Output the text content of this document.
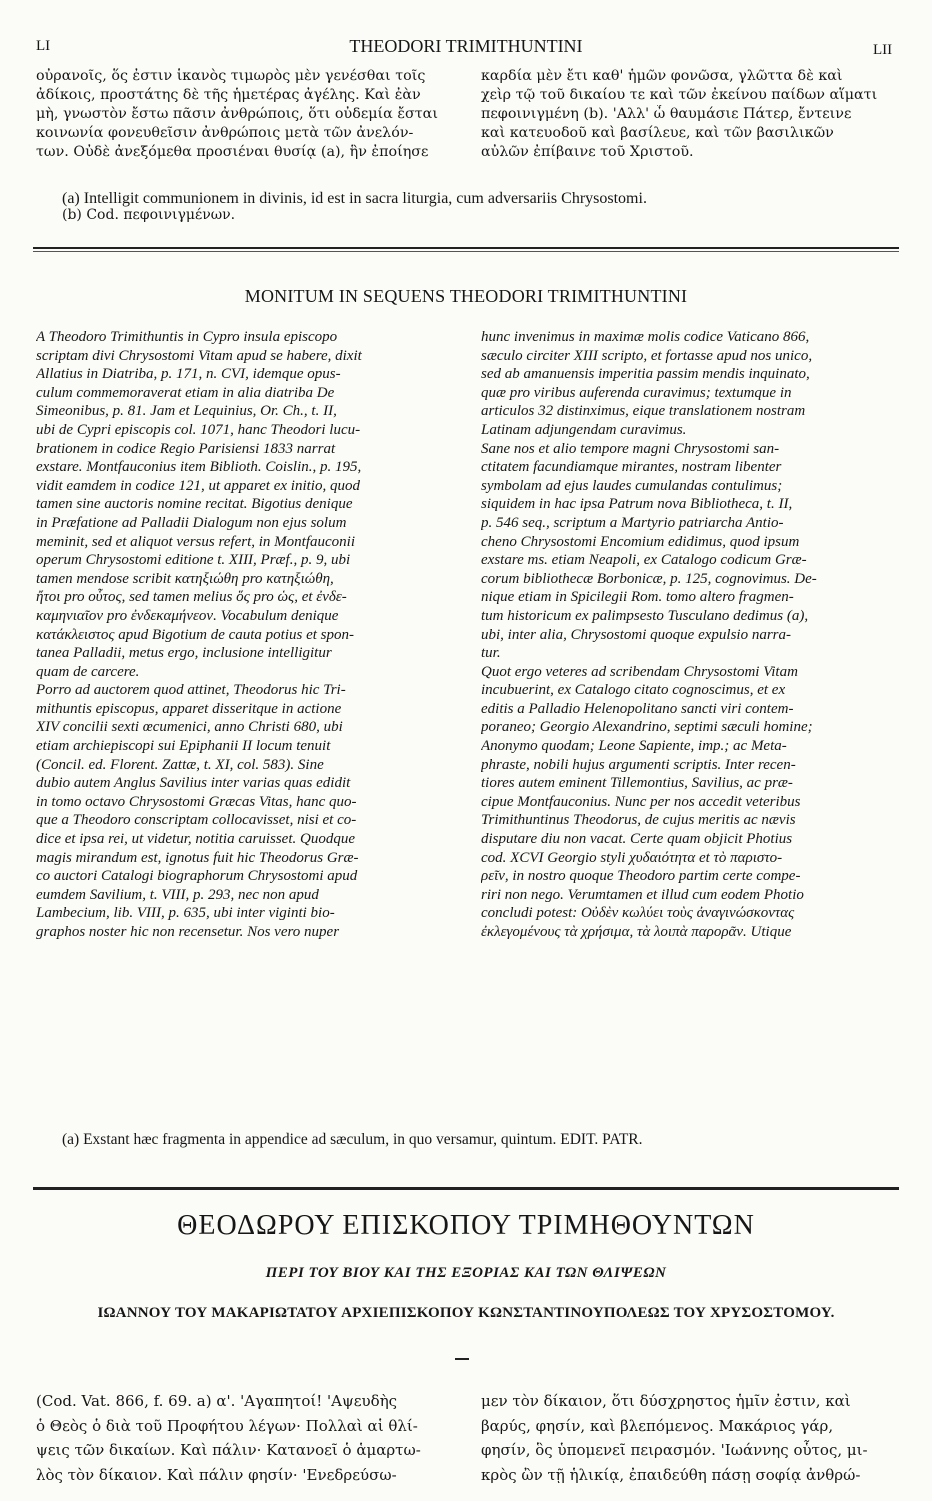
LI	THEODORI TRIMITHUNTINI	LII
οὐρανοῖς, ὅς ἐστιν ἱκανὸς τιμωρὸς μὲν γενέσθαι τοῖς
ἀδίκοις, προστάτης δὲ τῆς ἡμετέρας ἀγέλης. Καὶ ἐὰν
μὴ, γνωστὸν ἔστω πᾶσιν ἀνθρώποις, ὅτι οὐδεμία ἔσται
κοινωνία φονευθεῖσιν ἀνθρώποις μετὰ τῶν ἀνελόν-
των. Οὐδὲ ἀνεξόμεθα προσιέναι θυσίᾳ (a), ἣν ἐποίησε
καρδία μὲν ἔτι καθ' ἡμῶν φονῶσα, γλῶττα δὲ καὶ
χεὶρ τῷ τοῦ δικαίου τε καὶ τῶν ἐκείνου παίδων αἵματι
πεφοινιγμένη (b). 'Αλλ' ὦ θαυμάσιε Πάτερ, ἔντεινε
καὶ κατευοδοῦ καὶ βασίλευε, καὶ τῶν βασιλικῶν
αὐλῶν ἐπίβαινε τοῦ Χριστοῦ.
(a) Intelligit communionem in divinis, id est in sacra liturgia, cum adversariis Chrysostomi.
(b) Cod. πεφοινιγμένων.
MONITUM IN SEQUENS THEODORI TRIMITHUNTINI
A Theodoro Trimithuntis in Cypro insula episcopo
scriptam divi Chrysostomi Vitam apud se habere, dixit
Allatius in Diatriba, p. 171, n. CVI, idemque opus-
culum commemoraverat etiam in alia diatriba De
Simeonibus, p. 81. Jam et Lequinius, Or. Ch., t. II,
ubi de Cypri episcopis col. 1071, hanc Theodori lucu-
brationem in codice Regio Parisiensi 1833 narrat
exstare. Montfauconius item Biblioth. Coislin., p. 195,
vidit eamdem in codice 121, ut apparet ex initio, quod
tamen sine auctoris nomine recitat. Bigotius denique
in Præfatione ad Palladii Dialogum non ejus solum
meminit, sed et aliquot versus refert, in Montfauconii
operum Chrysostomi editione t. XIII, Præf., p. 9, ubi
tamen mendose scribit κατηξιώθη pro κατηξιώθη,
ἤτοι pro οὗτος, sed tamen melius ὅς pro ὡς, et ἐνδε-
καμηνιαῖον pro ἐνδεκαμήνεον. Vocabulum denique
κατάκλειστος apud Bigotium de cauta potius et spon-
tanea Palladii, metus ergo, inclusione intelligitur
quam de carcere.
Porro ad auctorem quod attinet, Theodorus hic Tri-
mithuntis episcopus, apparet disseritque in actione
XIV concilii sexti œcumenici, anno Christi 680, ubi
etiam archiepiscopi sui Epiphanii II locum tenuit
(Concil. ed. Florent. Zattæ, t. XI, col. 583). Sine
dubio autem Anglus Savilius inter varias quas edidit
in tomo octavo Chrysostomi Græcas Vitas, hanc quo-
que a Theodoro conscriptam collocavisset, nisi et co-
dice et ipsa rei, ut videtur, notitia caruisset. Quodque
magis mirandum est, ignotus fuit hic Theodorus Græ-
co auctori Catalogi biographorum Chrysostomi apud
eumdem Savilium, t. VIII, p. 293, nec non apud
Lambecium, lib. VIII, p. 635, ubi inter viginti bio-
graphos noster hic non recensetur. Nos vero nuper
hunc invenimus in maximæ molis codice Vaticano 866,
sæculo circiter XIII scripto, et fortasse apud nos unico,
sed ab amanuensis imperitia passim mendis inquinato,
quæ pro viribus auferenda curavimus; textumque in
articulos 32 distinximus, eique translationem nostram
Latinam adjungendam curavimus.
Sane nos et alio tempore magni Chrysostomi san-
ctitatem facundiamque mirantes, nostram libenter
symbolam ad ejus laudes cumulandas contulimus;
siquidem in hac ipsa Patrum nova Bibliotheca, t. II,
p. 546 seq., scriptum a Martyrio patriarcha Antio-
cheno Chrysostomi Encomium edidimus, quod ipsum
exstare ms. etiam Neapoli, ex Catalogo codicum Græ-
corum bibliothecæ Borbonicæ, p. 125, cognovimus. De-
nique etiam in Spicilegii Rom. tomo altero fragmen-
tum historicum ex palimpsesto Tusculano dedimus (a),
ubi, inter alia, Chrysostomi quoque expulsio narra-
tur.
Quot ergo veteres ad scribendam Chrysostomi Vitam
incubuerint, ex Catalogo citato cognoscimus, et ex
editis a Palladio Helenopolitano sancti viri contem-
poraneo; Georgio Alexandrino, septimi sæculi homine;
Anonymo quodam; Leone Sapiente, imp.; ac Meta-
phraste, nobili hujus argumenti scriptis. Inter recen-
tiores autem eminent Tillemontius, Savilius, ac præ-
cipue Montfauconius. Nunc per nos accedit veteribus
Trimithuntinus Theodorus, de cujus meritis ac nævis
disputare diu non vacat. Certe quam objicit Photius
cod. XCVI Georgio styli χυδαιότητα et τὸ παριστο-
ρεῖν, in nostro quoque Theodoro partim certe compe-
riri non nego. Verumtamen et illud cum eodem Photio
concludi potest: Οὐδὲν κωλύει τοὺς ἀναγινώσκοντας
ἐκλεγομένους τὰ χρήσιμα, τὰ λοιπὰ παρορᾶν. Utique
(a) Exstant hæc fragmenta in appendice ad sæculum, in quo versamur, quintum. EDIT. PATR.
ΘΕΟΔΩΡΟΥ ΕΠΙΣΚΟΠΟΥ ΤΡΙΜΗΘΟΥΝΤΩΝ
ΠΕΡΙ ΤΟΥ ΒΙΟΥ ΚΑΙ ΤΗΣ ΕΞΟΡΙΑΣ ΚΑΙ ΤΩΝ ΘΛΙΨΕΩΝ
ΙΩΑΝΝΟΥ ΤΟΥ ΜΑΚΑΡΙΩΤΑΤΟΥ ΑΡΧΙΕΠΙΣΚΟΠΟΥ ΚΩΝΣΤΑΝΤΙΝΟΥΠΟΛΕΩΣ ΤΟΥ ΧΡΥΣΟΣΤΟΜΟΥ.
(Cod. Vat. 866, f. 69. a) α'. 'Αγαπητοί! 'Αψευδὴς
ὁ Θεὸς ὁ διὰ τοῦ Προφήτου λέγων· Πολλαὶ αἱ θλί-
ψεις τῶν δικαίων. Καὶ πάλιν· Κατανοεῖ ὁ ἁμαρτω-
λὸς τὸν δίκαιον. Καὶ πάλιν φησίν· 'Ενεδρεύσω-
μεν τὸν δίκαιον, ὅτι δύσχρηστος ἡμῖν ἐστιν, καὶ
βαρύς, φησίν, καὶ βλεπόμενος. Μακάριος γάρ,
φησίν, ὃς ὑπομενεῖ πειρασμόν. 'Ιωάννης οὗτος, μι-
κρὸς ὢν τῇ ἡλικίᾳ, ἐπαιδεύθη πάσῃ σοφίᾳ ἀνθρώ-
